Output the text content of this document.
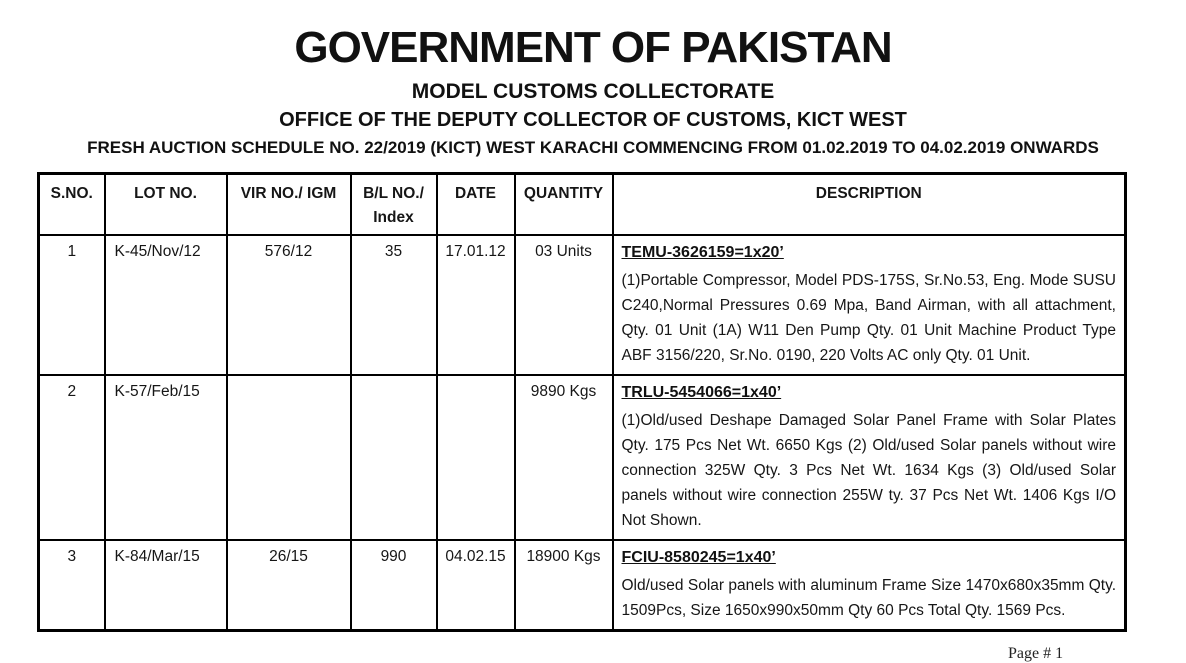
GOVERNMENT OF PAKISTAN
MODEL CUSTOMS COLLECTORATE
OFFICE OF THE DEPUTY COLLECTOR OF CUSTOMS, KICT WEST
FRESH AUCTION SCHEDULE NO. 22/2019 (KICT) WEST KARACHI COMMENCING FROM 01.02.2019 TO 04.02.2019 ONWARDS
S.NO.	LOT NO.	VIR NO./ IGM	B/L NO./
Index	DATE	QUANTITY	DESCRIPTION
1	K-45/Nov/12	576/12	35	17.01.12	03 Units	TEMU-3626159=1x20’
(1)Portable Compressor, Model PDS-175S, Sr.No.53, Eng. Mode SUSU C240,Normal Pressures 0.69 Mpa, Band Airman, with all attachment, Qty. 01 Unit (1A) W11 Den Pump Qty. 01 Unit Machine Product Type ABF 3156/220, Sr.No. 0190, 220 Volts AC only Qty. 01 Unit.

2	K-57/Feb/15				9890 Kgs	TRLU-5454066=1x40’
(1)Old/used Deshape Damaged Solar Panel Frame with Solar Plates Qty. 175 Pcs Net Wt. 6650 Kgs (2) Old/used Solar panels without wire connection 325W Qty. 3 Pcs Net Wt. 1634 Kgs (3) Old/used Solar panels without wire connection 255W ty. 37 Pcs Net Wt. 1406 Kgs I/O Not Shown.

3	K-84/Mar/15	26/15	990	04.02.15	18900 Kgs	FCIU-8580245=1x40’
Old/used Solar panels with aluminum Frame Size 1470x680x35mm Qty. 1509Pcs, Size 1650x990x50mm Qty 60 Pcs Total Qty. 1569 Pcs.
Page # 1
